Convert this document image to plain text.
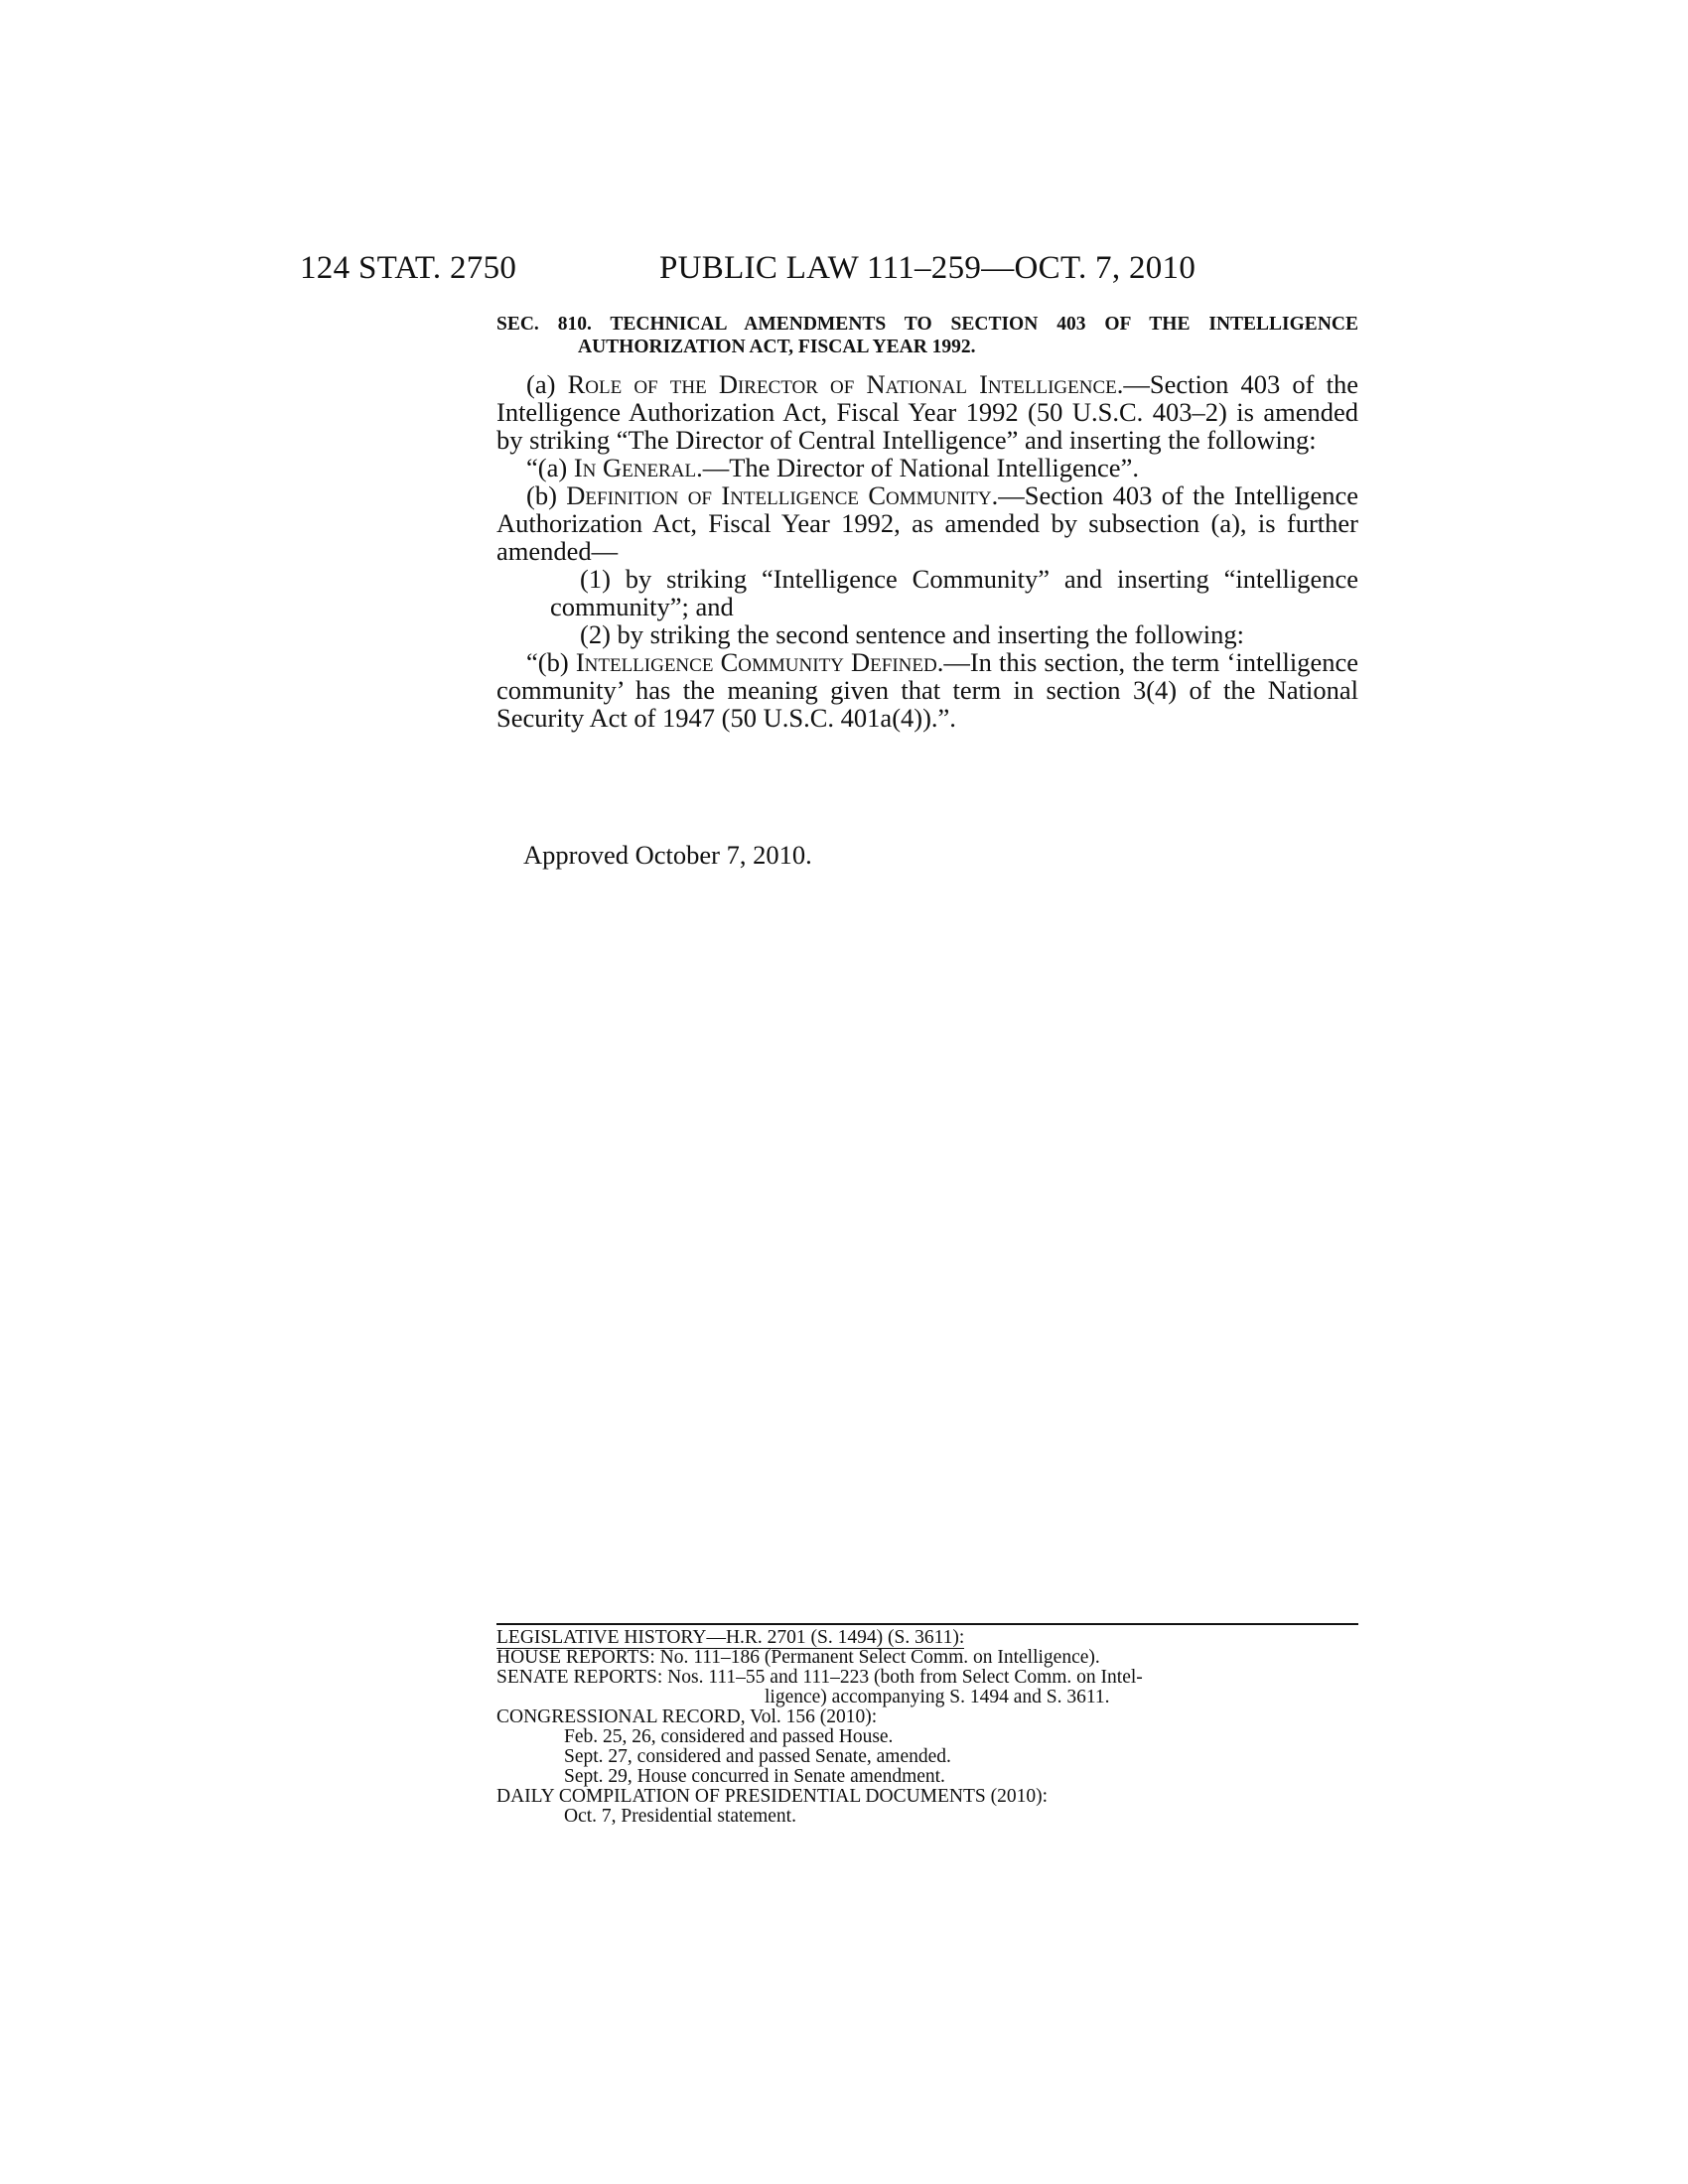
124 STAT. 2750	PUBLIC LAW 111–259—OCT. 7, 2010

SEC. 810. TECHNICAL AMENDMENTS TO SECTION 403 OF THE INTELLIGENCE AUTHORIZATION ACT, FISCAL YEAR 1992.

(a) Role of the Director of National Intelligence.—Section 403 of the Intelligence Authorization Act, Fiscal Year 1992 (50 U.S.C. 403–2) is amended by striking “The Director of Central Intelligence” and inserting the following:

“(a) In General.—The Director of National Intelligence”.

(b) Definition of Intelligence Community.—Section 403 of the Intelligence Authorization Act, Fiscal Year 1992, as amended by subsection (a), is further amended—

(1) by striking “Intelligence Community” and inserting “intelligence community”; and

(2) by striking the second sentence and inserting the following:

“(b) Intelligence Community Defined.—In this section, the term ‘intelligence community’ has the meaning given that term in section 3(4) of the National Security Act of 1947 (50 U.S.C. 401a(4)).”.

Approved October 7, 2010.

LEGISLATIVE HISTORY—H.R. 2701 (S. 1494) (S. 3611):

HOUSE REPORTS: No. 111–186 (Permanent Select Comm. on Intelligence).

SENATE REPORTS: Nos. 111–55 and 111–223 (both from Select Comm. on Intel-

ligence) accompanying S. 1494 and S. 3611.

CONGRESSIONAL RECORD, Vol. 156 (2010):

Feb. 25, 26, considered and passed House.

Sept. 27, considered and passed Senate, amended.

Sept. 29, House concurred in Senate amendment.

DAILY COMPILATION OF PRESIDENTIAL DOCUMENTS (2010):

Oct. 7, Presidential statement.
